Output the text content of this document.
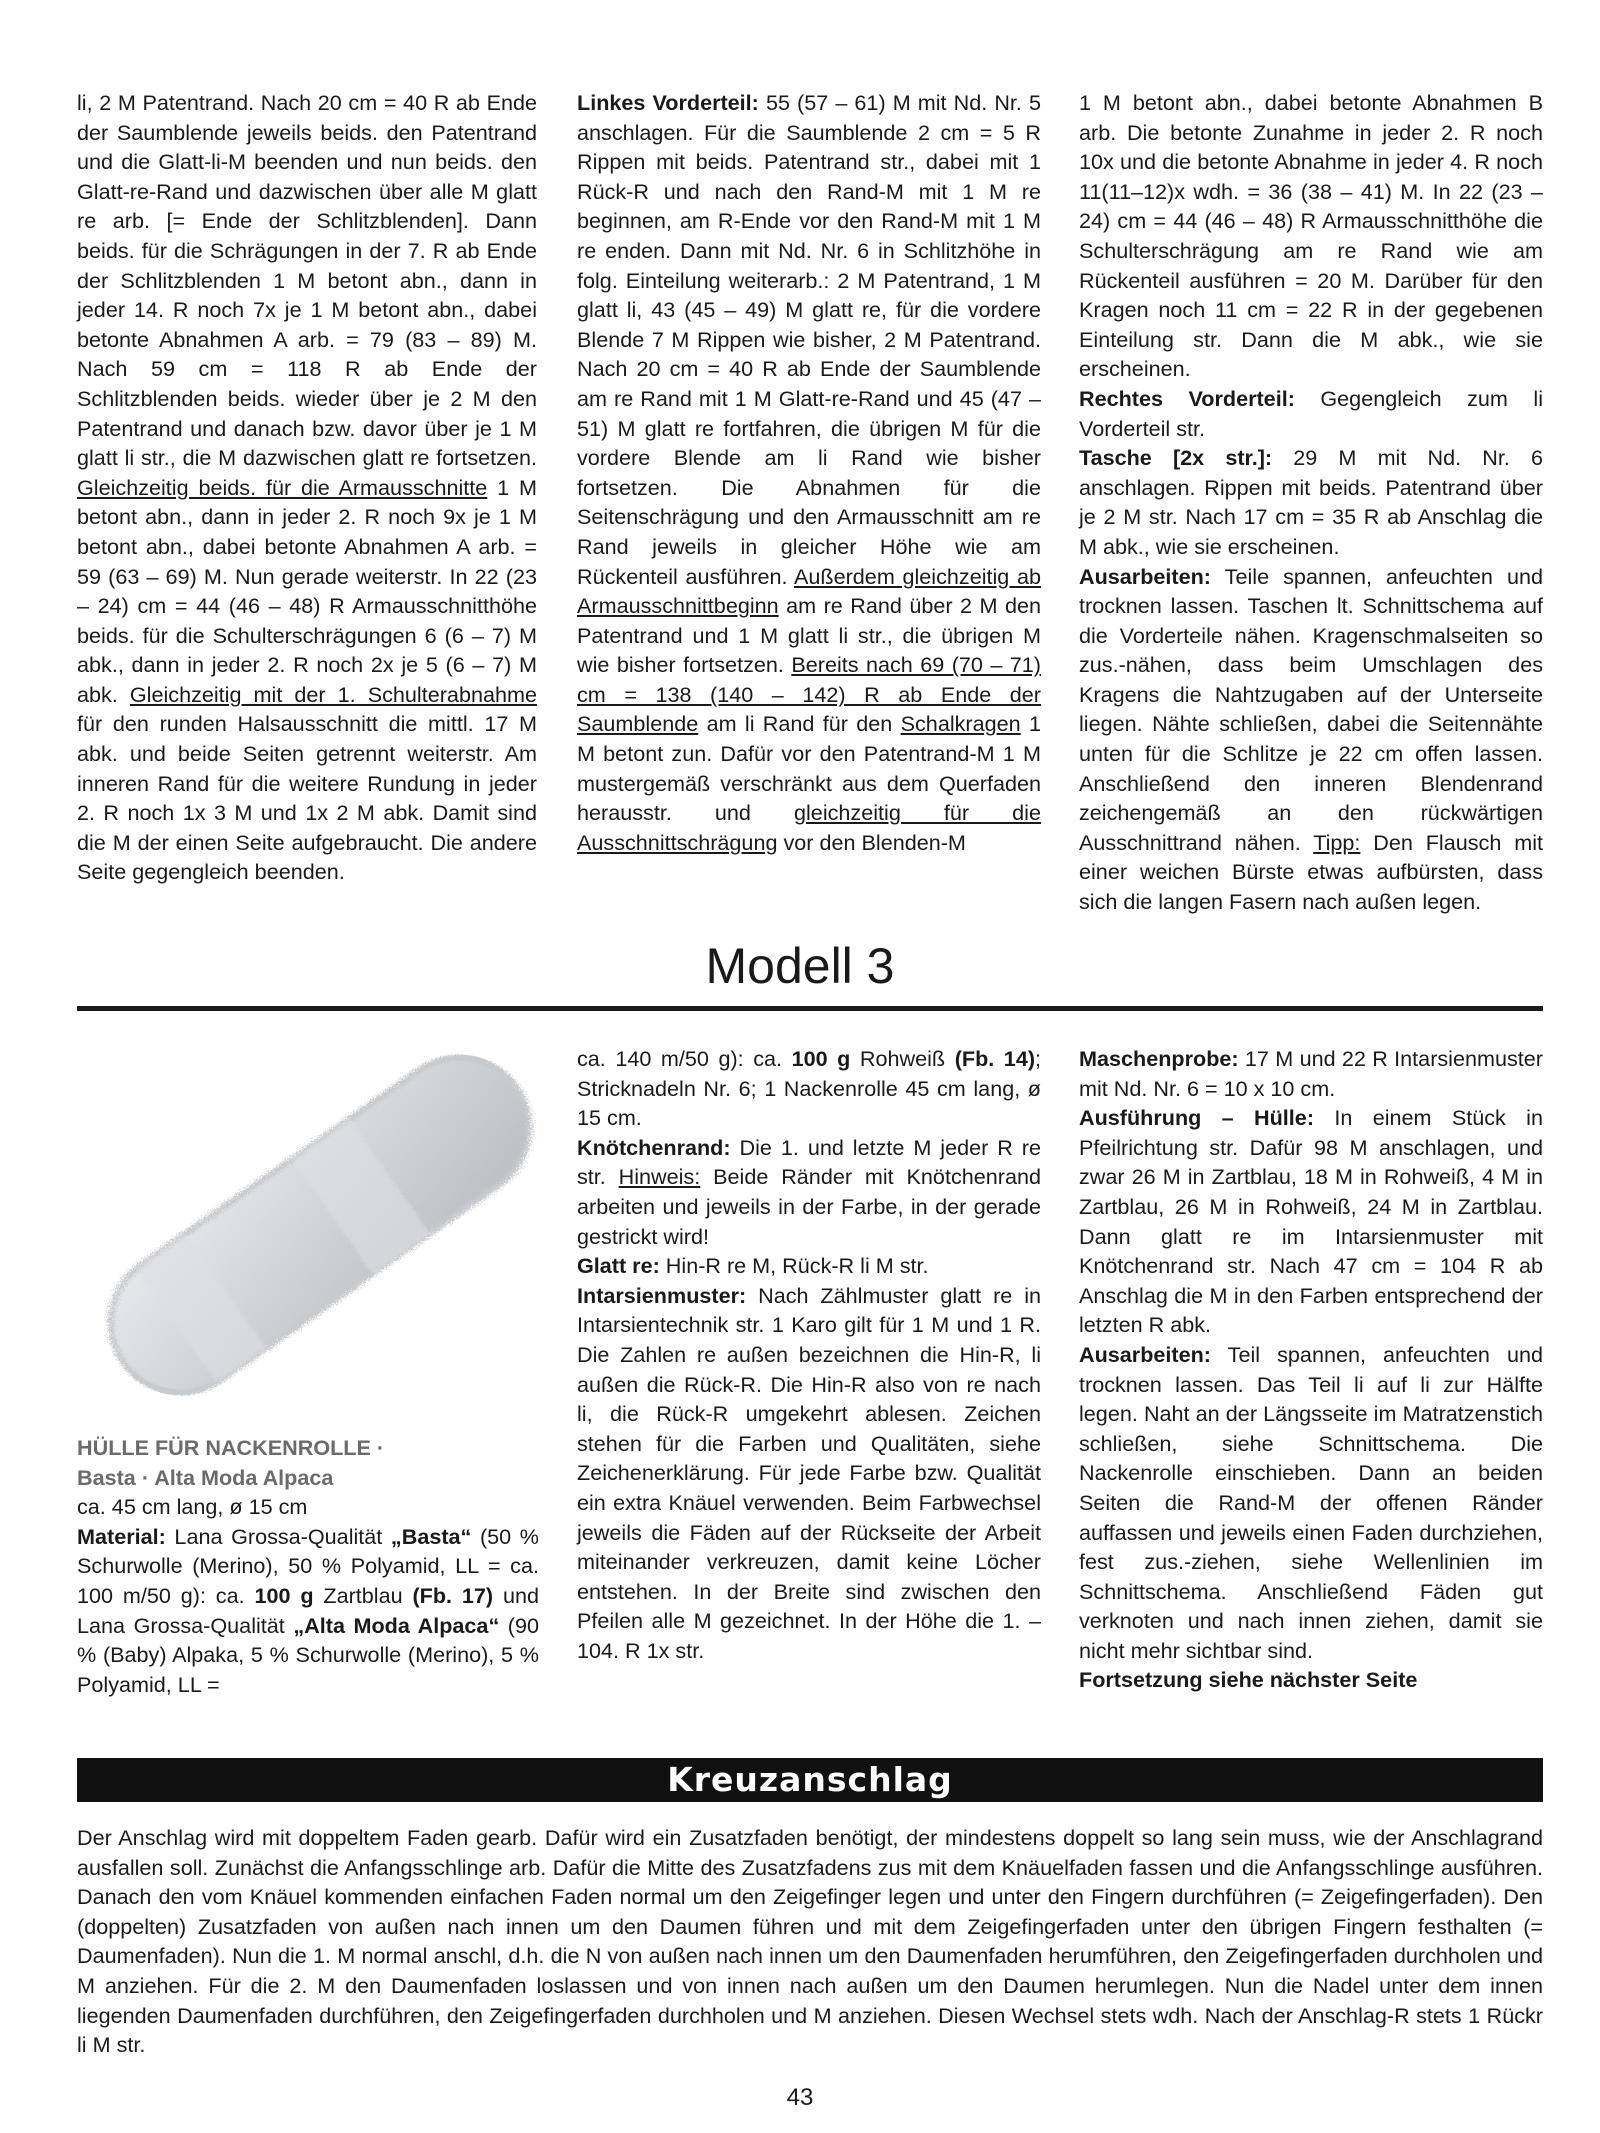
li, 2 M Patentrand. Nach 20 cm = 40 R ab Ende der Saumblende jeweils beids. den Patentrand und die Glatt-li-M beenden und nun beids. den Glatt-re-Rand und dazwischen über alle M glatt re arb. [= Ende der Schlitzblenden]. Dann beids. für die Schrägungen in der 7. R ab Ende der Schlitzblenden 1 M betont abn., dann in jeder 14. R noch 7x je 1 M betont abn., dabei betonte Abnahmen A arb. = 79 (83 – 89) M. Nach 59 cm = 118 R ab Ende der Schlitzblenden beids. wieder über je 2 M den Patentrand und danach bzw. davor über je 1 M glatt li str., die M dazwischen glatt re fortsetzen. Gleichzeitig beids. für die Armausschnitte 1 M betont abn., dann in jeder 2. R noch 9x je 1 M betont abn., dabei betonte Abnahmen A arb. = 59 (63 – 69) M. Nun gerade weiterstr. In 22 (23 – 24) cm = 44 (46 – 48) R Armausschnitthöhe beids. für die Schulterschrägungen 6 (6 – 7) M abk., dann in jeder 2. R noch 2x je 5 (6 – 7) M abk. Gleichzeitig mit der 1. Schulterabnahme für den runden Halsausschnitt die mittl. 17 M abk. und beide Seiten getrennt weiterstr. Am inneren Rand für die weitere Rundung in jeder 2. R noch 1x 3 M und 1x 2 M abk. Damit sind die M der einen Seite aufgebraucht. Die andere Seite gegengleich beenden.

Linkes Vorderteil: 55 (57 – 61) M mit Nd. Nr. 5 anschlagen. Für die Saumblende 2 cm = 5 R Rippen mit beids. Patentrand str., dabei mit 1 Rück-R und nach den Rand-M mit 1 M re beginnen, am R-Ende vor den Rand-M mit 1 M re enden. Dann mit Nd. Nr. 6 in Schlitzhöhe in folg. Einteilung weiterarb.: 2 M Patentrand, 1 M glatt li, 43 (45 – 49) M glatt re, für die vordere Blende 7 M Rippen wie bisher, 2 M Patentrand. Nach 20 cm = 40 R ab Ende der Saumblende am re Rand mit 1 M Glatt-re-Rand und 45 (47 – 51) M glatt re fortfahren, die übrigen M für die vordere Blende am li Rand wie bisher fortsetzen. Die Abnahmen für die Seitenschrägung und den Armausschnitt am re Rand jeweils in gleicher Höhe wie am Rückenteil ausführen. Außerdem gleichzeitig ab Armausschnittbeginn am re Rand über 2 M den Patentrand und 1 M glatt li str., die übrigen M wie bisher fortsetzen. Bereits nach 69 (70 – 71) cm = 138 (140 – 142) R ab Ende der Saumblende am li Rand für den Schalkragen 1 M betont zun. Dafür vor den Patentrand-M 1 M mustergemäß verschränkt aus dem Querfaden herausstr. und gleichzeitig für die Ausschnittschrägung vor den Blenden-M

1 M betont abn., dabei betonte Abnahmen B arb. Die betonte Zunahme in jeder 2. R noch 10x und die betonte Abnahme in jeder 4. R noch 11(11–12)x wdh. = 36 (38 – 41) M. In 22 (23 – 24) cm = 44 (46 – 48) R Armausschnitthöhe die Schulterschrägung am re Rand wie am Rückenteil ausführen = 20 M. Darüber für den Kragen noch 11 cm = 22 R in der gegebenen Einteilung str. Dann die M abk., wie sie erscheinen.

Rechtes Vorderteil: Gegengleich zum li Vorderteil str.

Tasche [2x str.]: 29 M mit Nd. Nr. 6 anschlagen. Rippen mit beids. Patentrand über je 2 M str. Nach 17 cm = 35 R ab Anschlag die M abk., wie sie erscheinen.

Ausarbeiten: Teile spannen, anfeuchten und trocknen lassen. Taschen lt. Schnittschema auf die Vorderteile nähen. Kragenschmalseiten so zus.-nähen, dass beim Umschlagen des Kragens die Nahtzugaben auf der Unterseite liegen. Nähte schließen, dabei die Seitennähte unten für die Schlitze je 22 cm offen lassen. Anschließend den inneren Blendenrand zeichengemäß an den rückwärtigen Ausschnittrand nähen. Tipp: Den Flausch mit einer weichen Bürste etwas aufbürsten, dass sich die langen Fasern nach außen legen.

Modell 3

HÜLLE FÜR NACKENROLLE ·

Basta · Alta Moda Alpaca

ca. 45 cm lang, ø 15 cm

Material: Lana Grossa-Qualität „Basta“ (50 % Schurwolle (Merino), 50 % Polyamid, LL = ca. 100 m/50 g): ca. 100 g Zartblau (Fb. 17) und Lana Grossa-Qualität „Alta Moda Alpaca“ (90 % (Baby) Alpaka, 5 % Schurwolle (Merino), 5 % Polyamid, LL =

ca. 140 m/50 g): ca. 100 g Rohweiß (Fb. 14); Stricknadeln Nr. 6; 1 Nackenrolle 45 cm lang, ø 15 cm.

Knötchenrand: Die 1. und letzte M jeder R re str. Hinweis: Beide Ränder mit Knötchenrand arbeiten und jeweils in der Farbe, in der gerade gestrickt wird!

Glatt re: Hin-R re M, Rück-R li M str.

Intarsienmuster: Nach Zählmuster glatt re in Intarsientechnik str. 1 Karo gilt für 1 M und 1 R. Die Zahlen re außen bezeichnen die Hin-R, li außen die Rück-R. Die Hin-R also von re nach li, die Rück-R umgekehrt ablesen. Zeichen stehen für die Farben und Qualitäten, siehe Zeichenerklärung. Für jede Farbe bzw. Qualität ein extra Knäuel verwenden. Beim Farbwechsel jeweils die Fäden auf der Rückseite der Arbeit miteinander verkreuzen, damit keine Löcher entstehen. In der Breite sind zwischen den Pfeilen alle M gezeichnet. In der Höhe die 1. – 104. R 1x str.

Maschenprobe: 17 M und 22 R Intarsienmuster mit Nd. Nr. 6 = 10 x 10 cm.

Ausführung – Hülle: In einem Stück in Pfeilrichtung str. Dafür 98 M anschlagen, und zwar 26 M in Zartblau, 18 M in Rohweiß, 4 M in Zartblau, 26 M in Rohweiß, 24 M in Zartblau. Dann glatt re im Intarsienmuster mit Knötchenrand str. Nach 47 cm = 104 R ab Anschlag die M in den Farben entsprechend der letzten R abk.

Ausarbeiten: Teil spannen, anfeuchten und trocknen lassen. Das Teil li auf li zur Hälfte legen. Naht an der Längsseite im Matratzenstich schließen, siehe Schnittschema. Die Nackenrolle einschieben. Dann an beiden Seiten die Rand-M der offenen Ränder auffassen und jeweils einen Faden durchziehen, fest zus.-ziehen, siehe Wellenlinien im Schnittschema. Anschließend Fäden gut verknoten und nach innen ziehen, damit sie nicht mehr sichtbar sind.

Fortsetzung siehe nächster Seite

Kreuzanschlag
Der Anschlag wird mit doppeltem Faden gearb. Dafür wird ein Zusatzfaden benötigt, der mindestens doppelt so lang sein muss, wie der Anschlagrand ausfallen soll. Zunächst die Anfangsschlinge arb. Dafür die Mitte des Zusatzfadens zus mit dem Knäuelfaden fassen und die Anfangsschlinge ausführen. Danach den vom Knäuel kommenden einfachen Faden normal um den Zeigefinger legen und unter den Fingern durchführen (= Zeigefingerfaden). Den (doppelten) Zusatzfaden von außen nach innen um den Daumen führen und mit dem Zeigefingerfaden unter den übrigen Fingern festhalten (= Daumenfaden). Nun die 1. M normal anschl, d.h. die N von außen nach innen um den Daumenfaden herumführen, den Zeigefingerfaden durchholen und M anziehen. Für die 2. M den Daumenfaden loslassen und von innen nach außen um den Daumen herumlegen. Nun die Nadel unter dem innen liegenden Daumenfaden durchführen, den Zeigefingerfaden durchholen und M anziehen. Diesen Wechsel stets wdh. Nach der Anschlag-R stets 1 Rückr li M str.
43
